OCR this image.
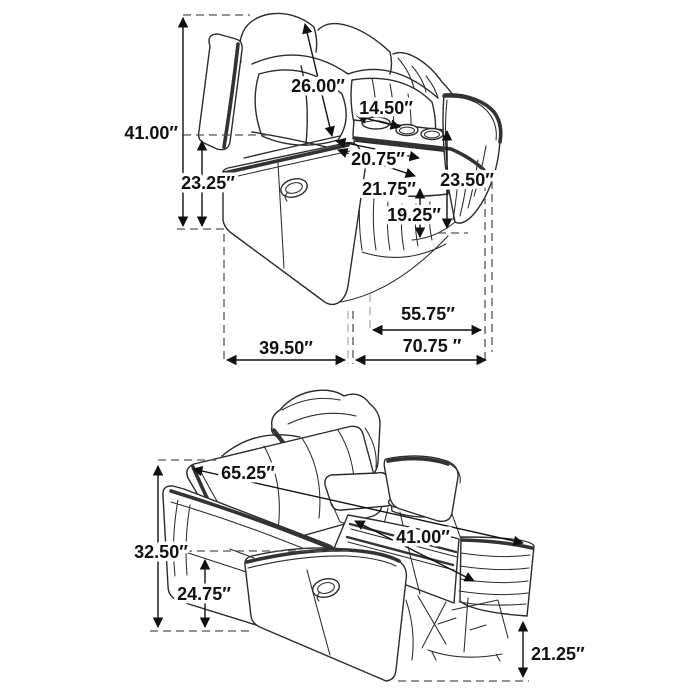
41.00″
23.25″
26.00″
14.50″
20.75″
21.75″
19.25″
23.50″
55.75″
39.50″	70.75 ″
65.25″
32.50″
24.75″
41.00″
21.25″
